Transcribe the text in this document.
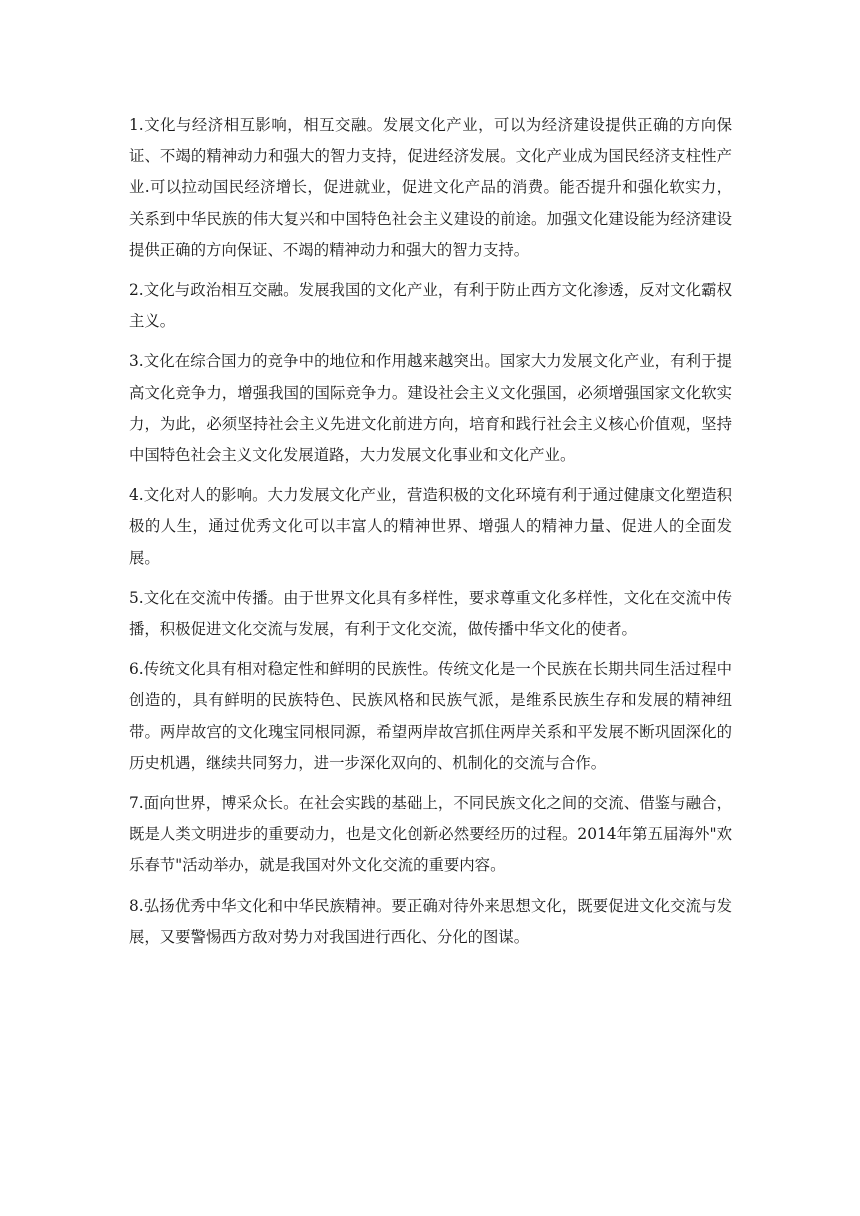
1.文化与经济相互影响，相互交融。发展文化产业，可以为经济建设提供正确的方向保证、不竭的精神动力和强大的智力支持，促进经济发展。文化产业成为国民经济支柱性产业.可以拉动国民经济增长，促进就业，促进文化产品的消费。能否提升和强化软实力，关系到中华民族的伟大复兴和中国特色社会主义建设的前途。加强文化建设能为经济建设提供正确的方向保证、不竭的精神动力和强大的智力支持。

2.文化与政治相互交融。发展我国的文化产业，有利于防止西方文化渗透，反对文化霸权主义。

3.文化在综合国力的竞争中的地位和作用越来越突出。国家大力发展文化产业，有利于提高文化竞争力，增强我国的国际竞争力。建设社会主义文化强国，必须增强国家文化软实力，为此，必须坚持社会主义先进文化前进方向，培育和践行社会主义核心价值观，坚持中国特色社会主义文化发展道路，大力发展文化事业和文化产业。

4.文化对人的影响。大力发展文化产业，营造积极的文化环境有利于通过健康文化塑造积极的人生，通过优秀文化可以丰富人的精神世界、增强人的精神力量、促进人的全面发展。

5.文化在交流中传播。由于世界文化具有多样性，要求尊重文化多样性，文化在交流中传播，积极促进文化交流与发展，有利于文化交流，做传播中华文化的使者。

6.传统文化具有相对稳定性和鲜明的民族性。传统文化是一个民族在长期共同生活过程中创造的，具有鲜明的民族特色、民族风格和民族气派，是维系民族生存和发展的精神纽带。两岸故宫的文化瑰宝同根同源，希望两岸故宫抓住两岸关系和平发展不断巩固深化的历史机遇，继续共同努力，进一步深化双向的、机制化的交流与合作。

7.面向世界，博采众长。在社会实践的基础上，不同民族文化之间的交流、借鉴与融合，既是人类文明进步的重要动力，也是文化创新必然要经历的过程。2014年第五届海外"欢乐春节"活动举办，就是我国对外文化交流的重要内容。

8.弘扬优秀中华文化和中华民族精神。要正确对待外来思想文化，既要促进文化交流与发展，又要警惕西方敌对势力对我国进行西化、分化的图谋。
